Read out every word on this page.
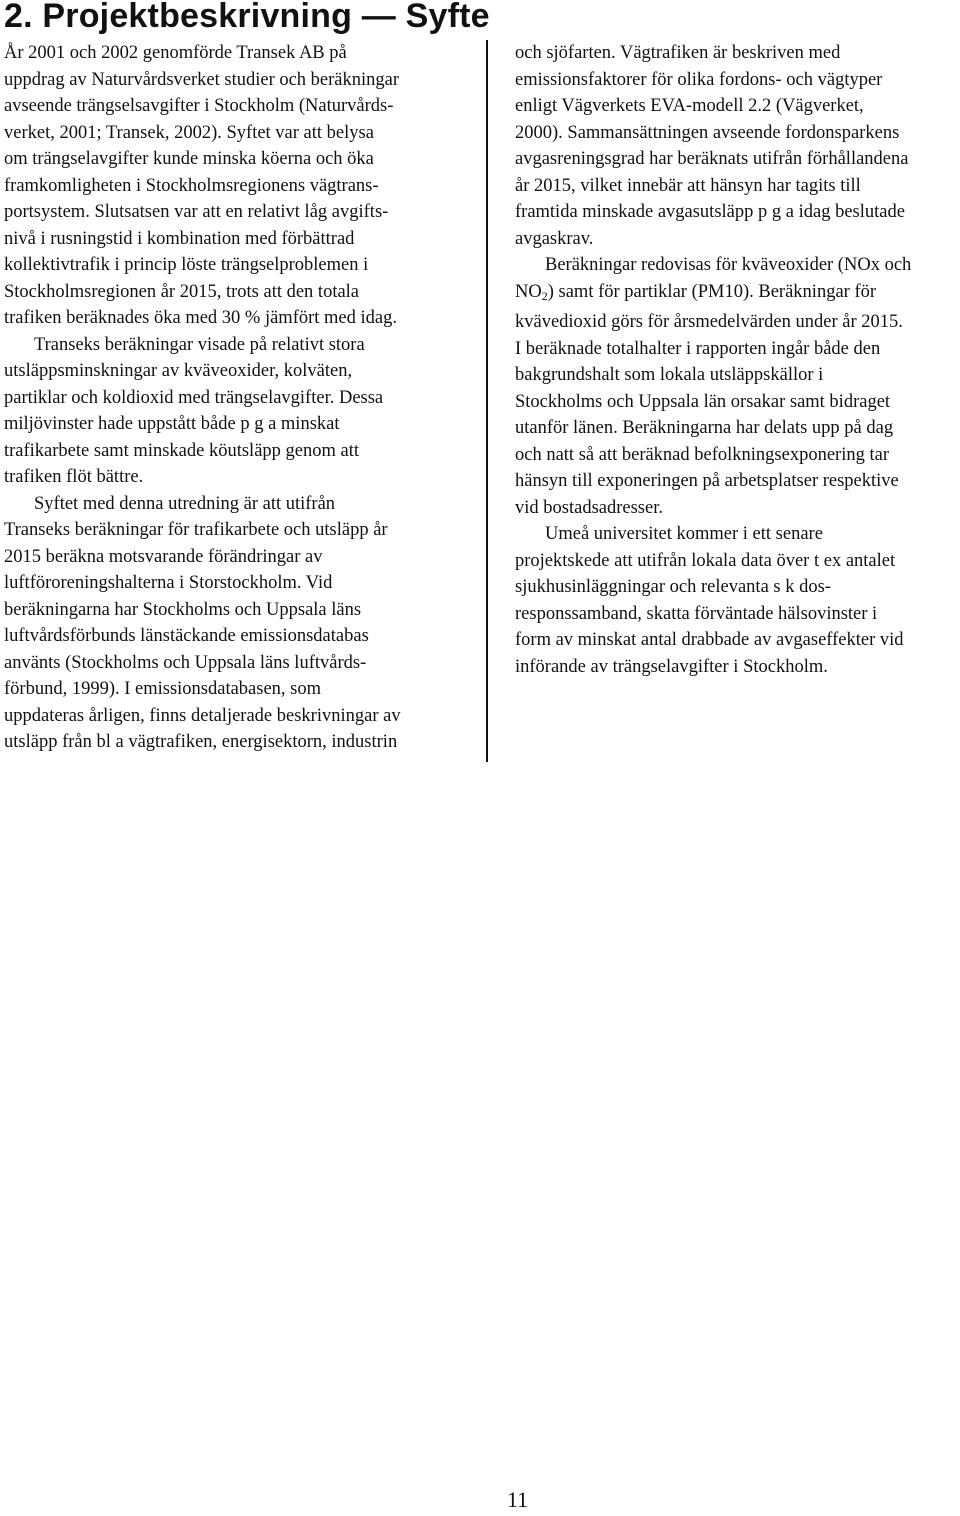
2. Projektbeskrivning — Syfte

År 2001 och 2002 genomförde Transek AB på
uppdrag av Naturvårdsverket studier och beräkningar
avseende trängselsavgifter i Stockholm (Naturvårds-
verket, 2001; Transek, 2002). Syftet var att belysa
om trängselavgifter kunde minska köerna och öka
framkomligheten i Stockholmsregionens vägtrans-
portsystem. Slutsatsen var att en relativt låg avgifts-
nivå i rusningstid i kombination med förbättrad
kollektivtrafik i princip löste trängselproblemen i
Stockholmsregionen år 2015, trots att den totala
trafiken beräknades öka med 30 % jämfört med idag.

Transeks beräkningar visade på relativt stora
utsläppsminskningar av kväveoxider, kolväten,
partiklar och koldioxid med trängselavgifter. Dessa
miljövinster hade uppstått både p g a minskat
trafikarbete samt minskade köutsläpp genom att
trafiken flöt bättre.

Syftet med denna utredning är att utifrån
Transeks beräkningar för trafikarbete och utsläpp år
2015 beräkna motsvarande förändringar av
luftföroreningshalterna i Storstockholm. Vid
beräkningarna har Stockholms och Uppsala läns
luftvårdsförbunds länstäckande emissionsdatabas
använts (Stockholms och Uppsala läns luftvårds-
förbund, 1999). I emissionsdatabasen, som
uppdateras årligen, finns detaljerade beskrivningar av
utsläpp från bl a vägtrafiken, energisektorn, industrin

och sjöfarten. Vägtrafiken är beskriven med
emissionsfaktorer för olika fordons- och vägtyper
enligt Vägverkets EVA-modell 2.2 (Vägverket,
2000). Sammansättningen avseende fordonsparkens
avgasreningsgrad har beräknats utifrån förhållandena
år 2015, vilket innebär att hänsyn har tagits till
framtida minskade avgasutsläpp p g a idag beslutade
avgaskrav.

Beräkningar redovisas för kväveoxider (NOx och
$NO_2$) samt för partiklar (PM10). Beräkningar för
kvävedioxid görs för årsmedelvärden under år 2015.
I beräknade totalhalter i rapporten ingår både den
bakgrundshalt som lokala utsläppskällor i
Stockholms och Uppsala län orsakar samt bidraget
utanför länen. Beräkningarna har delats upp på dag
och natt så att beräknad befolkningsexponering tar
hänsyn till exponeringen på arbetsplatser respektive
vid bostadsadresser.

Umeå universitet kommer i ett senare
projektskede att utifrån lokala data över t ex antalet
sjukhusinläggningar och relevanta s k dos-
responssamband, skatta förväntade hälsovinster i
form av minskat antal drabbade av avgaseffekter vid
införande av trängselavgifter i Stockholm.

11
